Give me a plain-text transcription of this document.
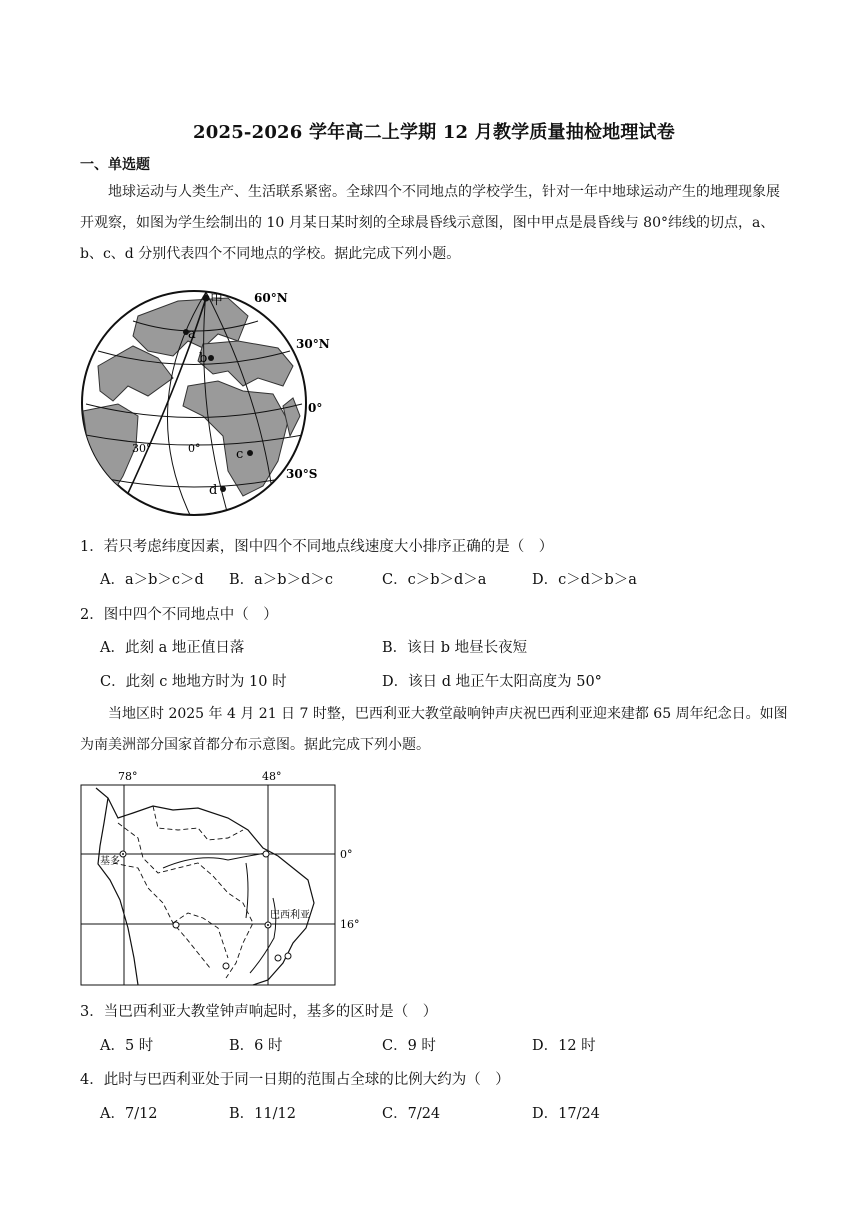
2025-2026 学年高二上学期 12 月教学质量抽检地理试卷
一、单选题

地球运动与人类生产、生活联系紧密。全球四个不同地点的学校学生，针对一年中地球运动产生的地理现象展开观察，如图为学生绘制出的 10 月某日某时刻的全球晨昏线示意图，图中甲点是晨昏线与 80°纬线的切点，a、b、c、d 分别代表四个不同地点的学校。据此完成下列小题。

甲
a
b
c
d
60°N
30°N
0°
30°S
30°	0°
1．若只考虑纬度因素，图中四个不同地点线速度大小排序正确的是（　）
A．a＞b＞c＞d B．a＞b＞d＞c	C．c＞b＞d＞a	D．c＞d＞b＞a
2．图中四个不同地点中（　）
A．此刻 a 地正值日落	B．该日 b 地昼长夜短
C．此刻 c 地地方时为 10 时	D．该日 d 地正午太阳高度为 50°

当地区时 2025 年 4 月 21 日 7 时整，巴西利亚大教堂敲响钟声庆祝巴西利亚迎来建都 65 周年纪念日。如图为南美洲部分国家首都分布示意图。据此完成下列小题。

78°	48°
0°
16°
基多
巴西利亚
3．当巴西利亚大教堂钟声响起时，基多的区时是（　）
A．5 时	B．6 时	C．9 时	D．12 时
4．此时与巴西利亚处于同一日期的范围占全球的比例大约为（　）
A．7/12	B．11/12	C．7/24	D．17/24
